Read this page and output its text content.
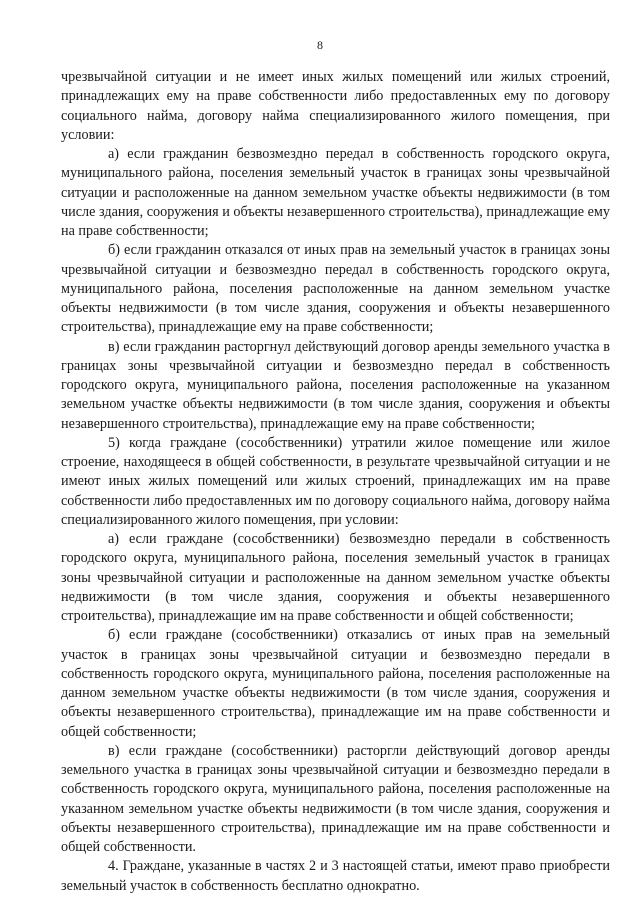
8

чрезвычайной ситуации и не имеет иных жилых помещений или жилых строений, принадлежащих ему на праве собственности либо предоставленных ему по договору социального найма, договору найма специализированного жилого помещения, при условии:

а) если гражданин безвозмездно передал в собственность городского округа, муниципального района, поселения земельный участок в границах зоны чрезвычайной ситуации и расположенные на данном земельном участке объекты недвижимости (в том числе здания, сооружения и объекты незавершенного строительства), принадлежащие ему на праве собственности;

б) если гражданин отказался от иных прав на земельный участок в границах зоны чрезвычайной ситуации и безвозмездно передал в собственность городского округа, муниципального района, поселения расположенные на данном земельном участке объекты недвижимости (в том числе здания, сооружения и объекты незавершенного строительства), принадлежащие ему на праве собственности;

в) если гражданин расторгнул действующий договор аренды земельного участка в границах зоны чрезвычайной ситуации и безвозмездно передал в собственность городского округа, муниципального района, поселения расположенные на указанном земельном участке объекты недвижимости (в том числе здания, сооружения и объекты незавершенного строительства), принадлежащие ему на праве собственности;

5) когда граждане (сособственники) утратили жилое помещение или жилое строение, находящееся в общей собственности, в результате чрезвычайной ситуации и не имеют иных жилых помещений или жилых строений, принадлежащих им на праве собственности либо предоставленных им по договору социального найма, договору найма специализированного жилого помещения, при условии:

а) если граждане (сособственники) безвозмездно передали в собственность городского округа, муниципального района, поселения земельный участок в границах зоны чрезвычайной ситуации и расположенные на данном земельном участке объекты недвижимости (в том числе здания, сооружения и объекты незавершенного строительства), принадлежащие им на праве собственности и общей собственности;

б) если граждане (сособственники) отказались от иных прав на земельный участок в границах зоны чрезвычайной ситуации и безвозмездно передали в собственность городского округа, муниципального района, поселения расположенные на данном земельном участке объекты недвижимости (в том числе здания, сооружения и объекты незавершенного строительства), принадлежащие им на праве собственности и общей собственности;

в) если граждане (сособственники) расторгли действующий договор аренды земельного участка в границах зоны чрезвычайной ситуации и безвозмездно передали в собственность городского округа, муниципального района, поселения расположенные на указанном земельном участке объекты недвижимости (в том числе здания, сооружения и объекты незавершенного строительства), принадлежащие им на праве собственности и общей собственности.

4. Граждане, указанные в частях 2 и 3 настоящей статьи, имеют право приобрести земельный участок в собственность бесплатно однократно.
